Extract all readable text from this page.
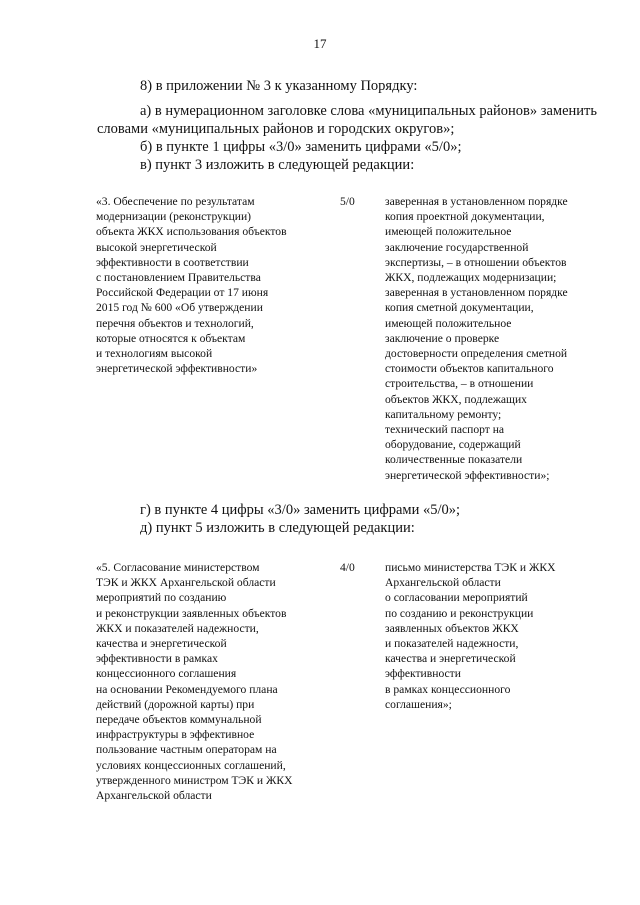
17
8) в приложении № 3 к указанному Порядку:
а) в нумерационном заголовке слова «муниципальных районов» заменить
словами «муниципальных районов и городских округов»;
б) в пункте 1 цифры «3/0» заменить цифрами «5/0»;
в) пункт 3 изложить в следующей редакции:
«3. Обеспечение по результатам
модернизации (реконструкции)
объекта ЖКХ использования объектов
высокой энергетической
эффективности в соответствии
с постановлением Правительства
Российской Федерации от 17 июня
2015 год № 600 «Об утверждении
перечня объектов и технологий,
которые относятся к объектам
и технологиям высокой
энергетической эффективности»
5/0	заверенная в установленном порядке
копия проектной документации,
имеющей положительное
заключение государственной
экспертизы, – в отношении объектов
ЖКХ, подлежащих модернизации;
заверенная в установленном порядке
копия сметной документации,
имеющей положительное
заключение о проверке
достоверности определения сметной
стоимости объектов капитального
строительства, – в отношении
объектов ЖКХ, подлежащих
капитальному ремонту;
технический паспорт на
оборудование, содержащий
количественные показатели
энергетической эффективности»;
г) в пункте 4 цифры «3/0» заменить цифрами «5/0»;
д) пункт 5 изложить в следующей редакции:
«5. Согласование министерством
ТЭК и ЖКХ Архангельской области
мероприятий по созданию
и реконструкции заявленных объектов
ЖКХ и показателей надежности,
качества и энергетической
эффективности в рамках
концессионного соглашения
на основании Рекомендуемого плана
действий (дорожной карты) при
передаче объектов коммунальной
инфраструктуры в эффективное
пользование частным операторам на
условиях концессионных соглашений,
утвержденного министром ТЭК и ЖКХ
Архангельской области
4/0	письмо министерства ТЭК и ЖКХ
Архангельской области
о согласовании мероприятий
по созданию и реконструкции
заявленных объектов ЖКХ
и показателей надежности,
качества и энергетической
эффективности
в рамках концессионного
соглашения»;
